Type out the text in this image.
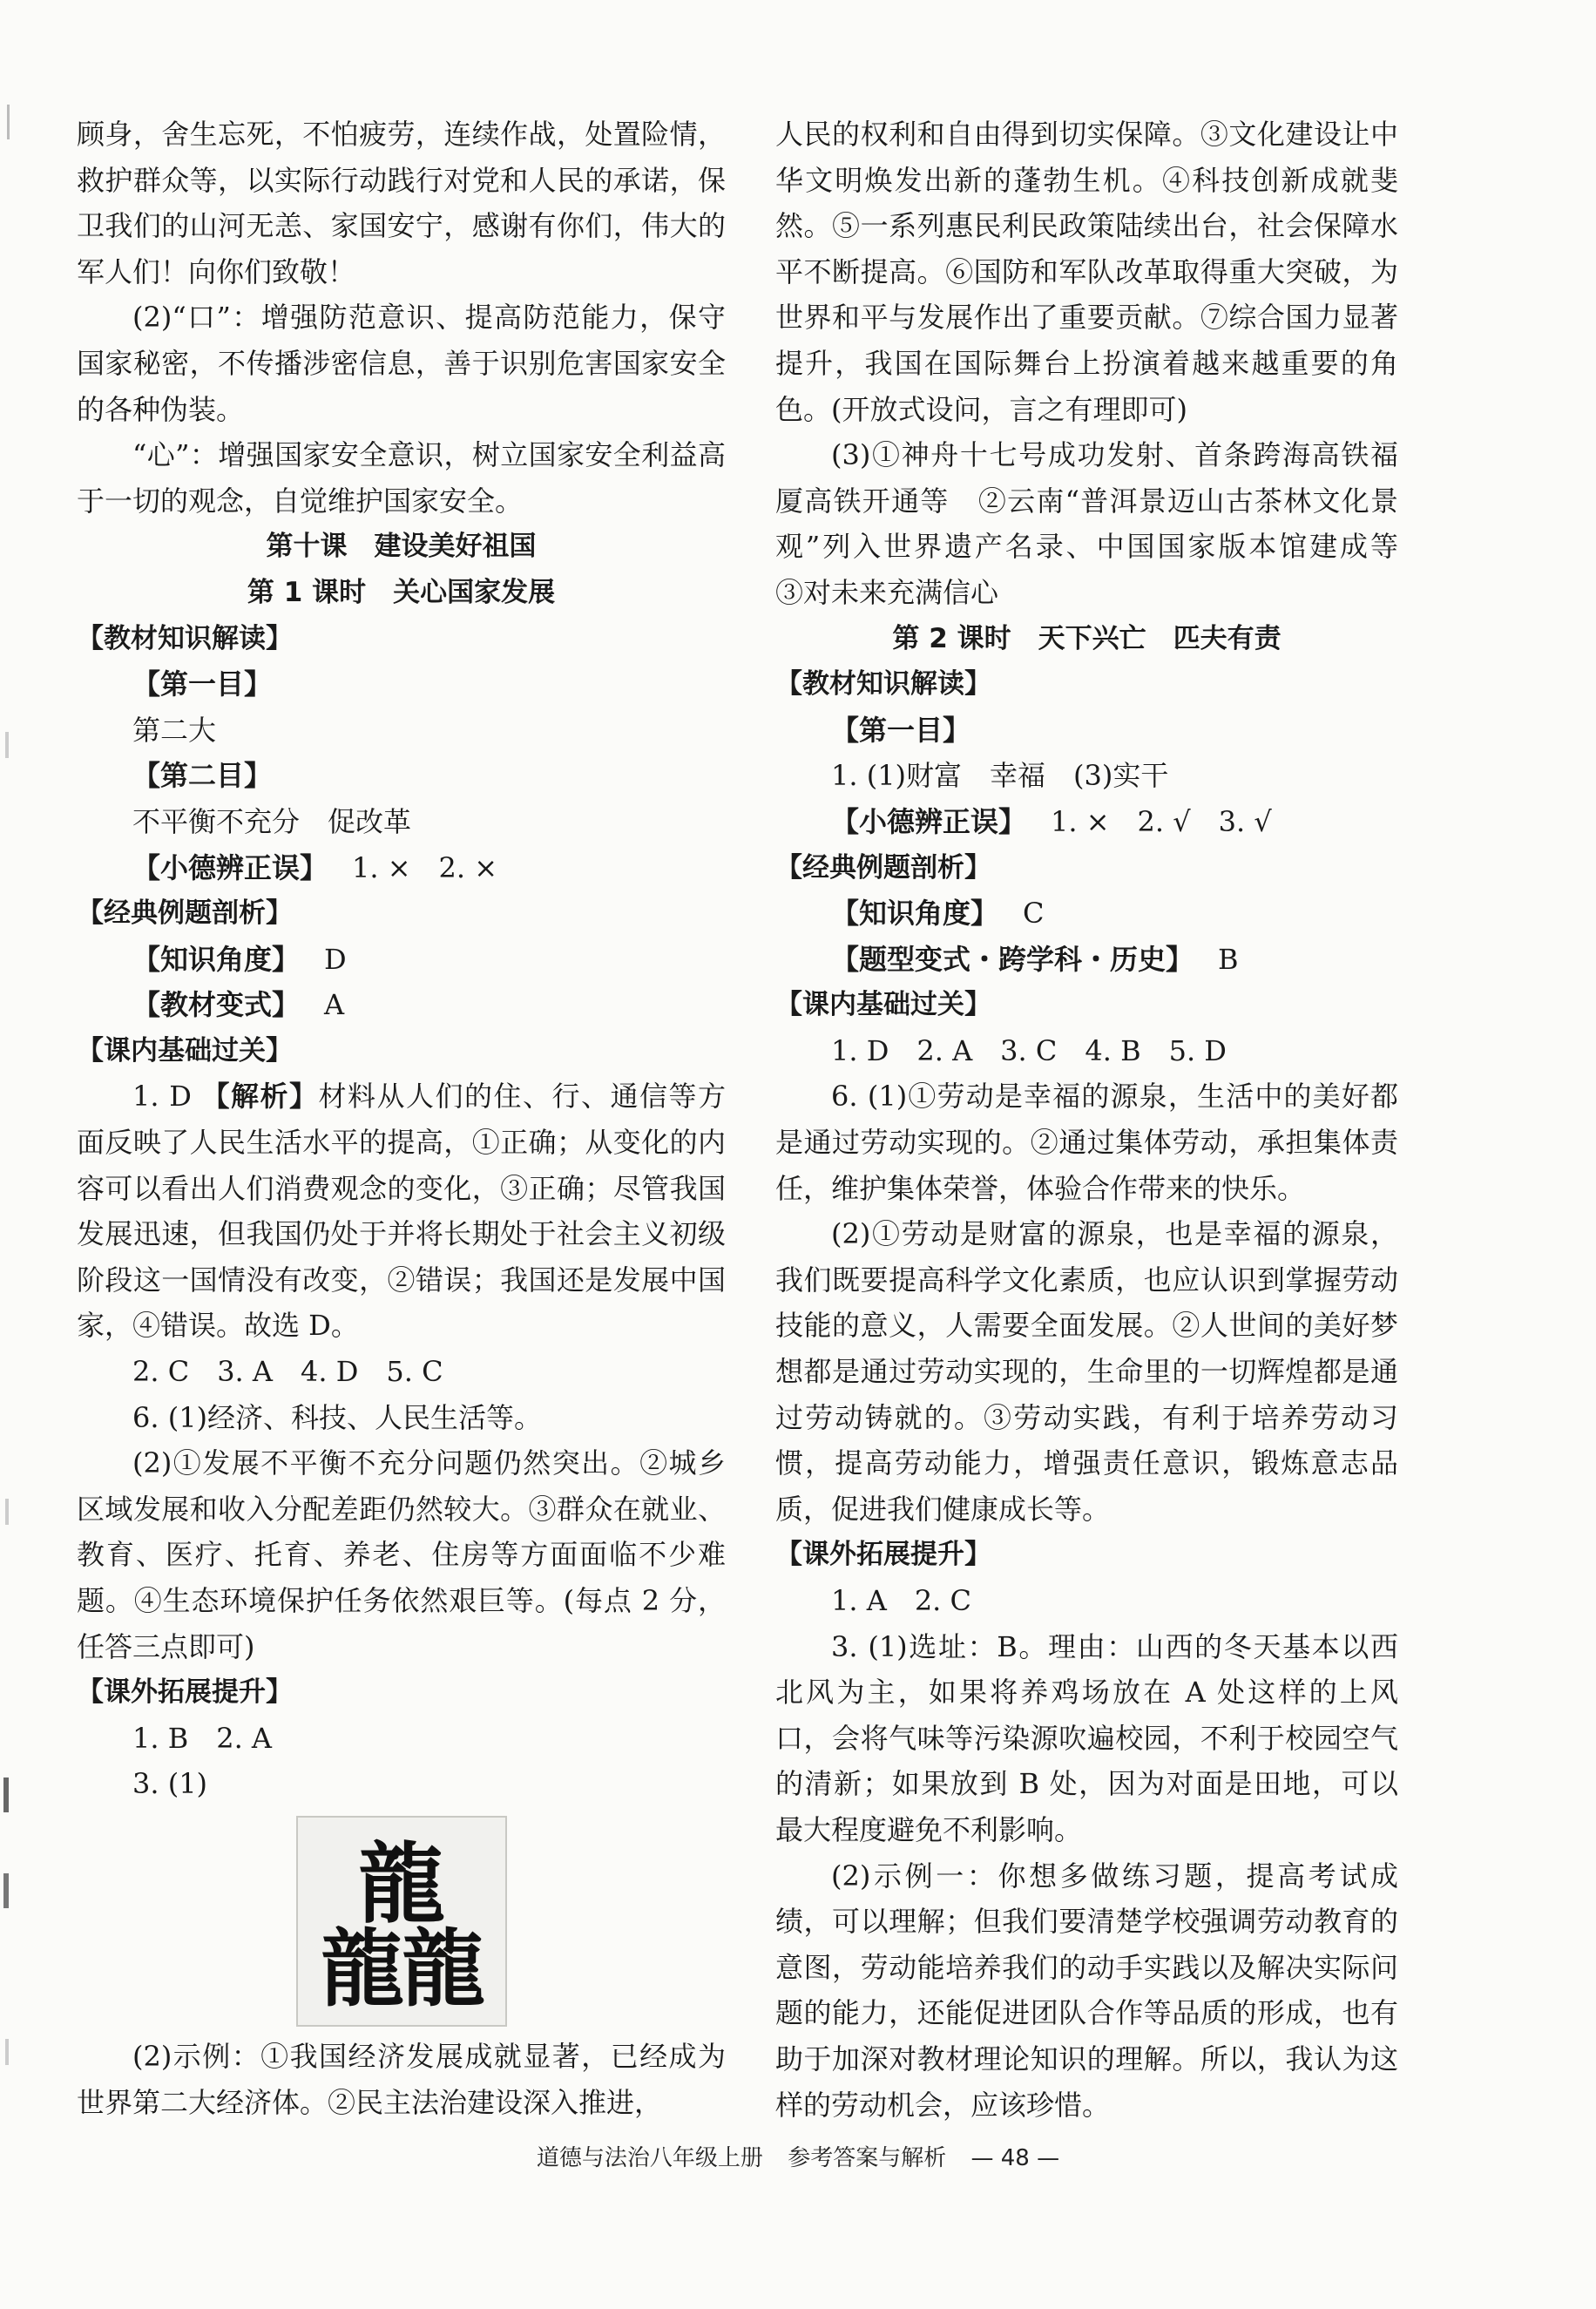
顾身，舍生忘死，不怕疲劳，连续作战，处置险情，救护群众等，以实际行动践行对党和人民的承诺，保卫我们的山河无恙、家国安宁，感谢有你们，伟大的军人们！向你们致敬！

(2)“口”：增强防范意识、提高防范能力，保守国家秘密，不传播涉密信息，善于识别危害国家安全的各种伪装。

“心”：增强国家安全意识，树立国家安全利益高于一切的观念，自觉维护国家安全。

第十课　建设美好祖国

第 1 课时　关心国家发展

【教材知识解读】

【第一目】

第二大

【第二目】

不平衡不充分　促改革

【小德辨正误】 1. ×　2. ×

【经典例题剖析】

【知识角度】 D

【教材变式】 A

【课内基础过关】

1. D 【解析】材料从人们的住、行、通信等方面反映了人民生活水平的提高，①正确；从变化的内容可以看出人们消费观念的变化，③正确；尽管我国发展迅速，但我国仍处于并将长期处于社会主义初级阶段这一国情没有改变，②错误；我国还是发展中国家，④错误。故选 D。

2. C　3. A　4. D　5. C

6. (1)经济、科技、人民生活等。

(2)①发展不平衡不充分问题仍然突出。②城乡区域发展和收入分配差距仍然较大。③群众在就业、教育、医疗、托育、养老、住房等方面面临不少难题。④生态环境保护任务依然艰巨等。(每点 2 分，任答三点即可)

【课外拓展提升】

1. B　2. A

3. (1)

龍
龍
龍

(2)示例：①我国经济发展成就显著，已经成为世界第二大经济体。②民主法治建设深入推进，

人民的权利和自由得到切实保障。③文化建设让中华文明焕发出新的蓬勃生机。④科技创新成就斐然。⑤一系列惠民利民政策陆续出台，社会保障水平不断提高。⑥国防和军队改革取得重大突破，为世界和平与发展作出了重要贡献。⑦综合国力显著提升，我国在国际舞台上扮演着越来越重要的角色。(开放式设问，言之有理即可)

(3)①神舟十七号成功发射、首条跨海高铁福厦高铁开通等　②云南“普洱景迈山古茶林文化景观”列入世界遗产名录、中国国家版本馆建成等　③对未来充满信心

第 2 课时　天下兴亡　匹夫有责

【教材知识解读】

【第一目】

1. (1)财富　幸福　(3)实干

【小德辨正误】 1. ×　2. √　3. √

【经典例题剖析】

【知识角度】 C

【题型变式・跨学科・历史】 B

【课内基础过关】

1. D　2. A　3. C　4. B　5. D

6. (1)①劳动是幸福的源泉，生活中的美好都是通过劳动实现的。②通过集体劳动，承担集体责任，维护集体荣誉，体验合作带来的快乐。

(2)①劳动是财富的源泉，也是幸福的源泉，我们既要提高科学文化素质，也应认识到掌握劳动技能的意义，人需要全面发展。②人世间的美好梦想都是通过劳动实现的，生命里的一切辉煌都是通过劳动铸就的。③劳动实践，有利于培养劳动习惯，提高劳动能力，增强责任意识，锻炼意志品质，促进我们健康成长等。

【课外拓展提升】

1. A　2. C

3. (1)选址：B。理由：山西的冬天基本以西北风为主，如果将养鸡场放在 A 处这样的上风口，会将气味等污染源吹遍校园，不利于校园空气的清新；如果放到 B 处，因为对面是田地，可以最大程度避免不利影响。

(2)示例一：你想多做练习题，提高考试成绩，可以理解；但我们要清楚学校强调劳动教育的意图，劳动能培养我们的动手实践以及解决实际问题的能力，还能促进团队合作等品质的形成，也有助于加深对教材理论知识的理解。所以，我认为这样的劳动机会，应该珍惜。

道德与法治八年级上册 参考答案与解析 — 48 —
